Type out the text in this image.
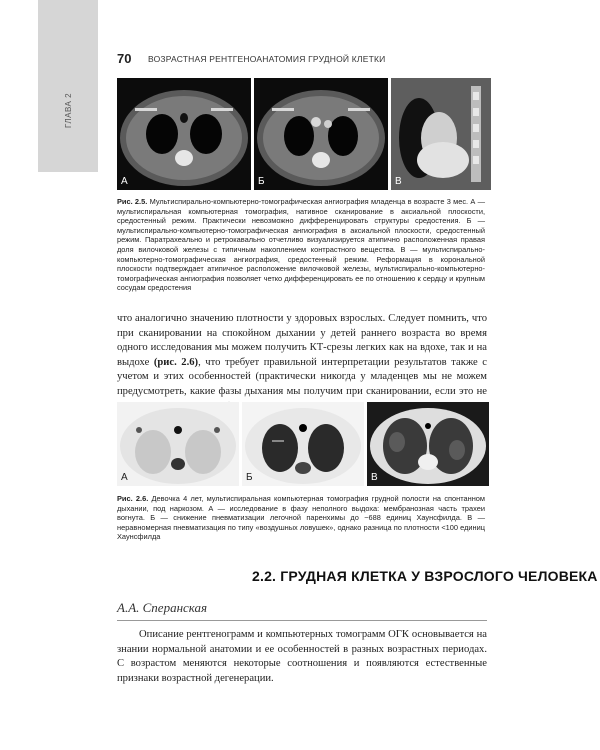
ГЛАВА 2
70 ВОЗРАСТНАЯ РЕНТГЕНОАНАТОМИЯ ГРУДНОЙ КЛЕТКИ
А	Б	В
Рис. 2.5. Мультиспирально-компьютерно-томографическая ангиография младенца в возрасте 3 мес. А — мультиспиральная компьютерная томография, нативное сканирование в аксиальной плоскости, средостенный режим. Практически невозможно дифференцировать структуры средостения. Б — мультиспирально-компьютерно-томографическая ангиография в аксиальной плоскости, средостенный режим. Паратрахеально и ретрокавально отчетливо визуализируется атипично расположенная правая доля вилочковой железы с типичным накоплением контрастного вещества. В — мультиспирально-компьютерно-томографическая ангиография, средостенный режим. Реформация в корональной плоскости подтверждает атипичное расположение вилочковой железы, мультиспирально-компьютерно-томографическая ангиография позволяет четко дифференцировать ее по отношению к сердцу и крупным сосудам средостения
что аналогично значению плотности у здоровых взрослых. Следует помнить, что при сканировании на спокойном дыхании у детей раннего возраста во время одного исследования мы можем получить КТ-срезы легких как на вдохе, так и на выдохе (рис. 2.6), что требует правильной интерпретации результатов также с учетом и этих особенностей (практически никогда у младенцев мы не можем предусмотреть, какие фазы дыхания мы получим при сканировании, если это не
А	Б	В
Рис. 2.6. Девочка 4 лет, мультиспиральная компьютерная томография грудной полости на спонтанном дыхании, под наркозом. А — исследование в фазу неполного выдоха: мембранозная часть трахеи вогнута. Б — снижение пневматизации легочной паренхимы до −688 единиц Хаунсфилда. В — неравномерная пневматизация по типу «воздушных ловушек», однако разница по плотности <100 единиц Хаунсфилда
2.2. ГРУДНАЯ КЛЕТКА У ВЗРОСЛОГО ЧЕЛОВЕКА
А.А. Сперанская
Описание рентгенограмм и компьютерных томограмм ОГК основывается на знании нормальной анатомии и ее особенностей в разных возрастных периодах. С возрастом меняются некоторые соотношения и появляются естественные признаки возрастной дегенерации.
